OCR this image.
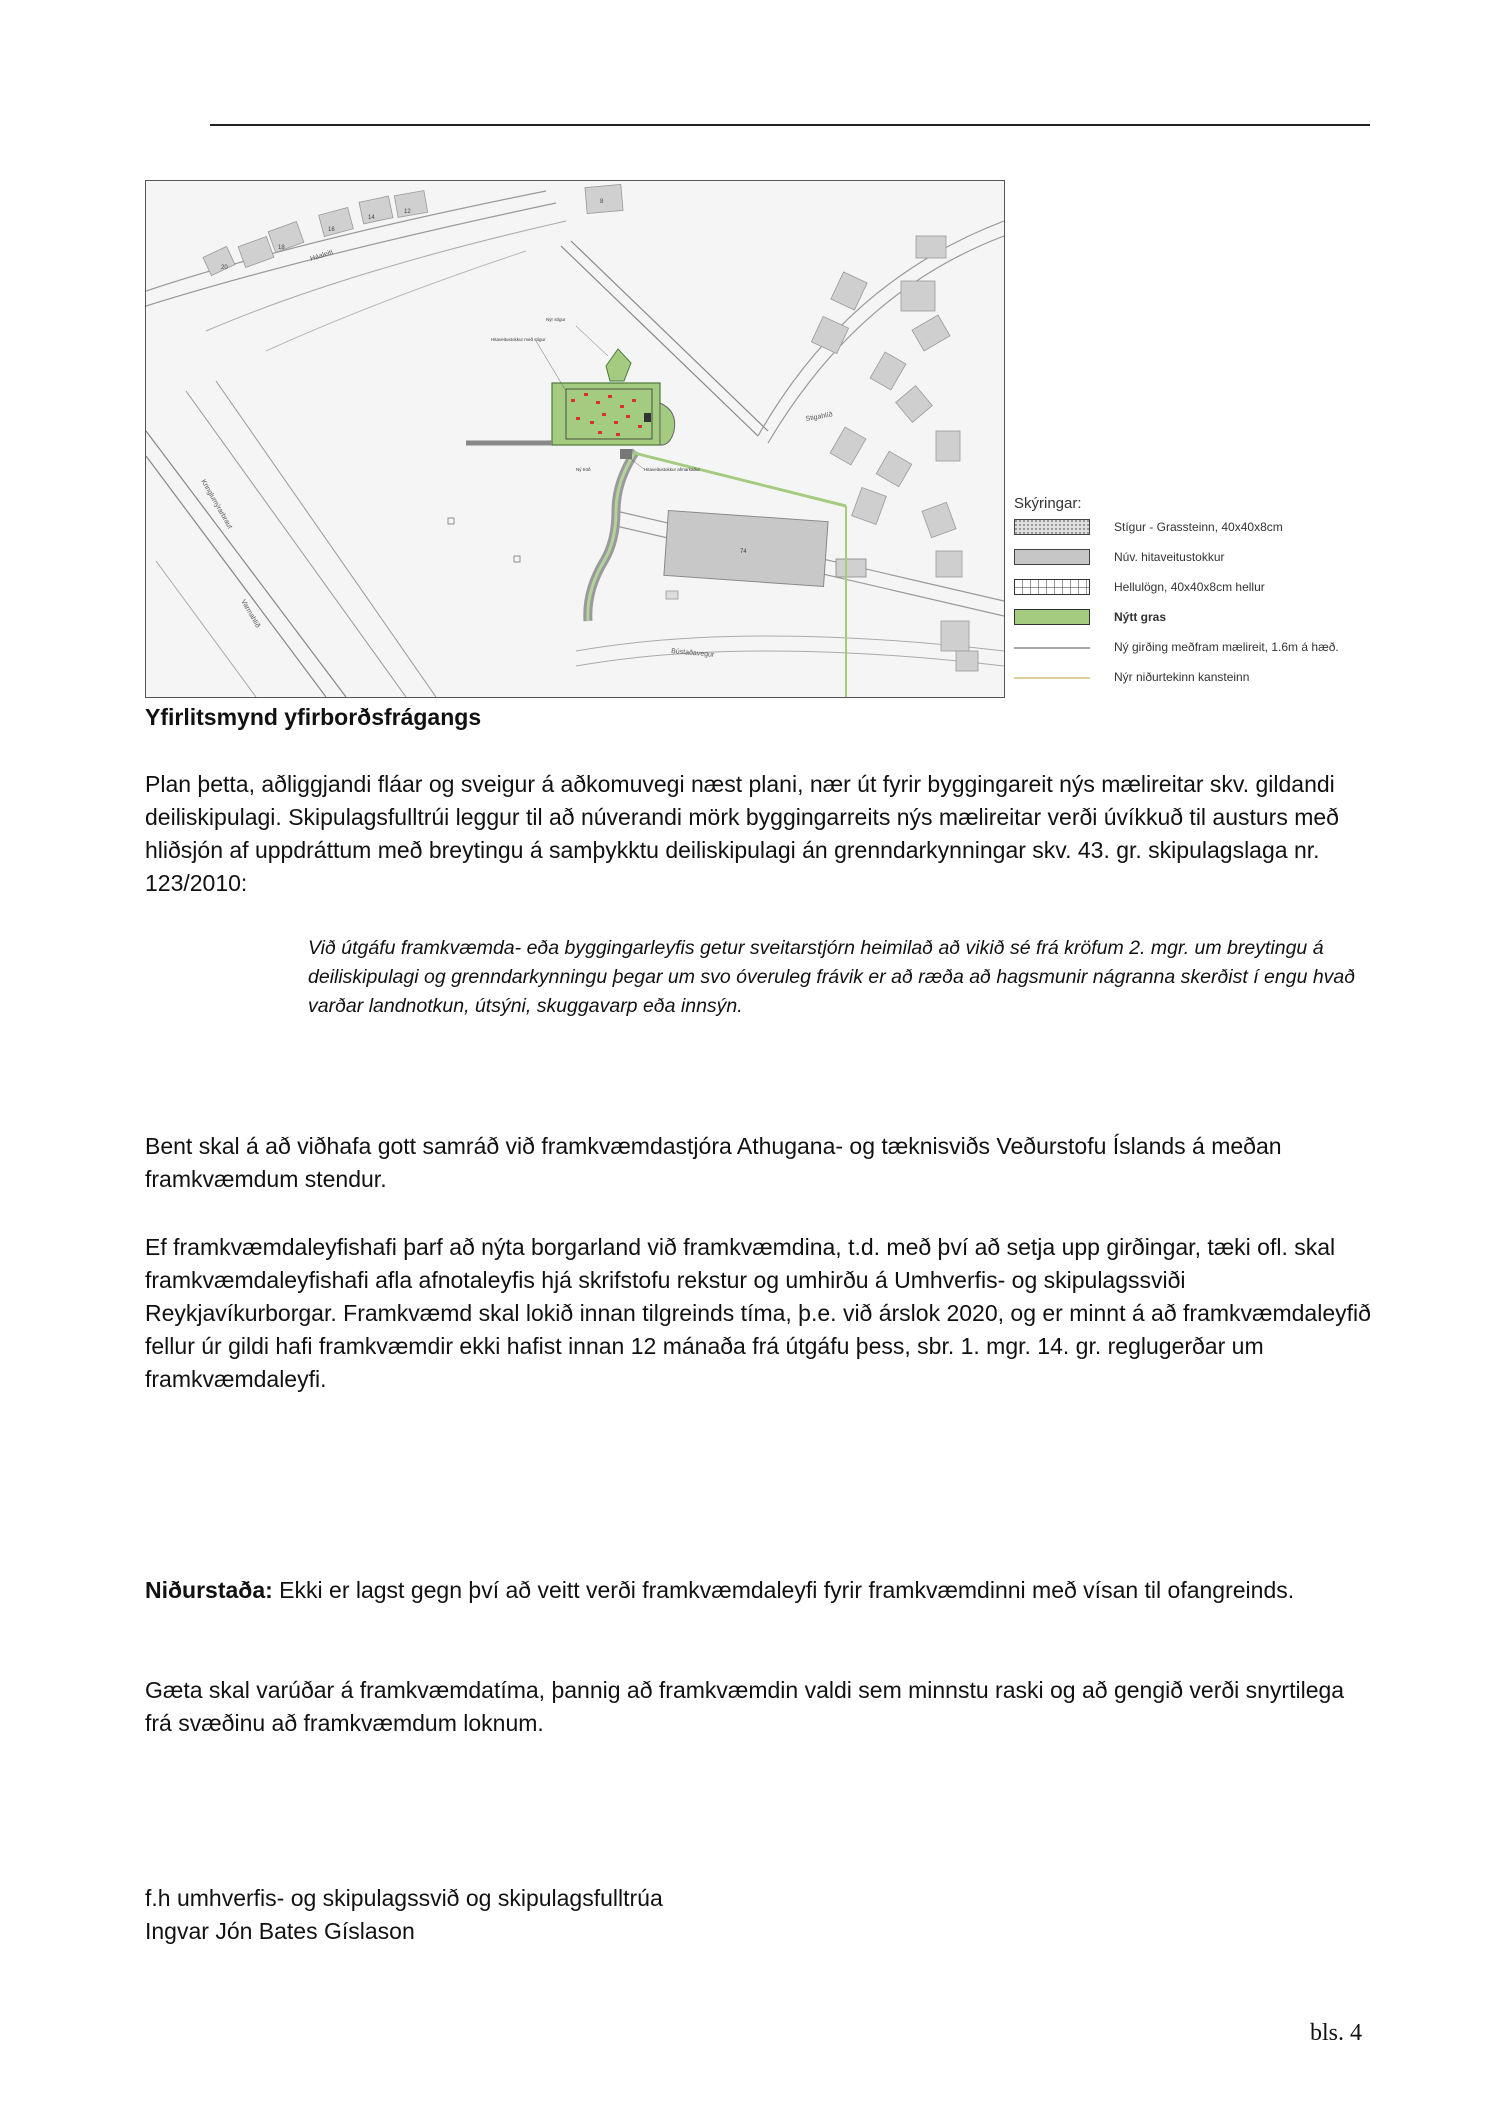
Háaleiti
Stigahlíð
Bústaðavegur
Kringlumýrarbraut
Varmahlíð
20
18
16
14
12
8
74
Hitaveitustokkur með stígur
Nýr stígur
Hitaveitustokkur afmarkaður
Ný tröð
Skýringar:
Stígur - Grassteinn, 40x40x8cm
Núv. hitaveitustokkur
Hellulögn, 40x40x8cm hellur
Nýtt gras
Ný girðing meðfram mælireit, 1.6m á hæð.
Nýr niðurtekinn kansteinn
Yfirlitsmynd yfirborðsfrágangs
Plan þetta, aðliggjandi fláar og sveigur á aðkomuvegi næst plani, nær út fyrir byggingareit nýs mælireitar skv. gildandi deiliskipulagi. Skipulagsfulltrúi leggur til að núverandi mörk byggingarreits nýs mælireitar verði úvíkkuð til austurs með hliðsjón af uppdráttum með breytingu á samþykktu deiliskipulagi án grenndarkynningar skv. 43. gr. skipulagslaga nr. 123/2010:
Við útgáfu framkvæmda- eða byggingarleyfis getur sveitarstjórn heimilað að vikið sé frá kröfum 2. mgr. um breytingu á deiliskipulagi og grenndarkynningu þegar um svo óveruleg frávik er að ræða að hagsmunir nágranna skerðist í engu hvað varðar landnotkun, útsýni, skuggavarp eða innsýn.
Bent skal á að viðhafa gott samráð við framkvæmdastjóra Athugana- og tæknisviðs Veðurstofu Íslands á meðan framkvæmdum stendur.
Ef framkvæmdaleyfishafi þarf að nýta borgarland við framkvæmdina, t.d. með því að setja upp girðingar, tæki ofl. skal framkvæmdaleyfishafi afla afnotaleyfis hjá skrifstofu rekstur og umhirðu á Umhverfis- og skipulagssviði Reykjavíkurborgar. Framkvæmd skal lokið innan tilgreinds tíma, þ.e. við árslok 2020, og er minnt á að framkvæmdaleyfið fellur úr gildi hafi framkvæmdir ekki hafist innan 12 mánaða frá útgáfu þess, sbr. 1. mgr. 14. gr. reglugerðar um framkvæmdaleyfi.
Niðurstaða: Ekki er lagst gegn því að veitt verði framkvæmdaleyfi fyrir framkvæmdinni með vísan til ofangreinds.
Gæta skal varúðar á framkvæmdatíma, þannig að framkvæmdin valdi sem minnstu raski og að gengið verði snyrtilega frá svæðinu að framkvæmdum loknum.
f.h umhverfis- og skipulagssvið og skipulagsfulltrúa
Ingvar Jón Bates Gíslason
bls. 4
